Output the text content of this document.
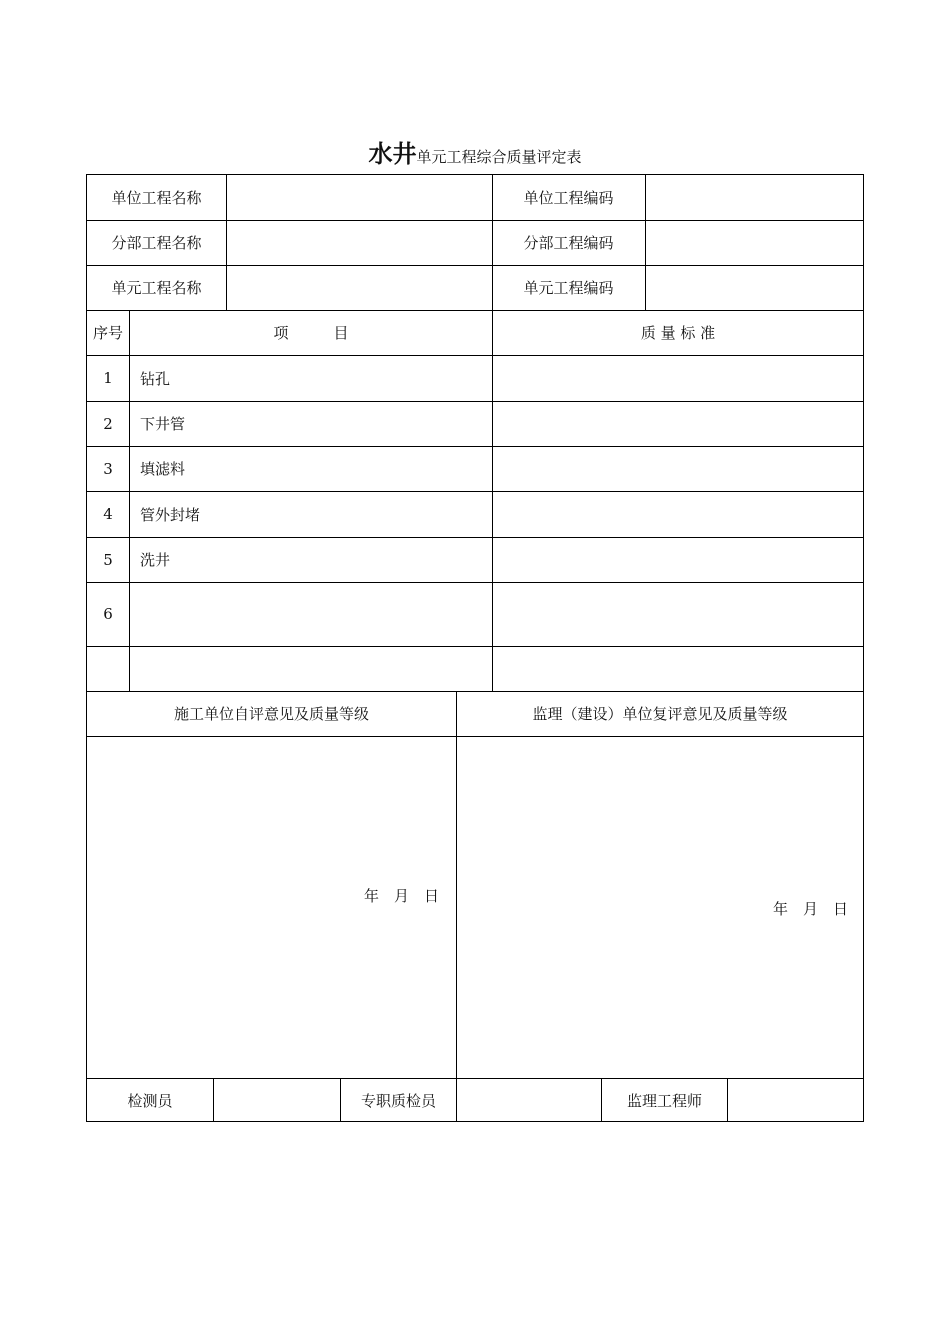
水井单元工程综合质量评定表
单位工程名称	单位工程编码
分部工程名称	分部工程编码
单元工程名称	单元工程编码
序号	项　　　目	质 量 标 准
1	钻孔
2	下井管
3	填滤料
4	管外封堵
5	洗井
6
施工单位自评意见及质量等级	监理（建设）单位复评意见及质量等级
年　月　日
年　月　日
检测员	专职质检员	监理工程师
